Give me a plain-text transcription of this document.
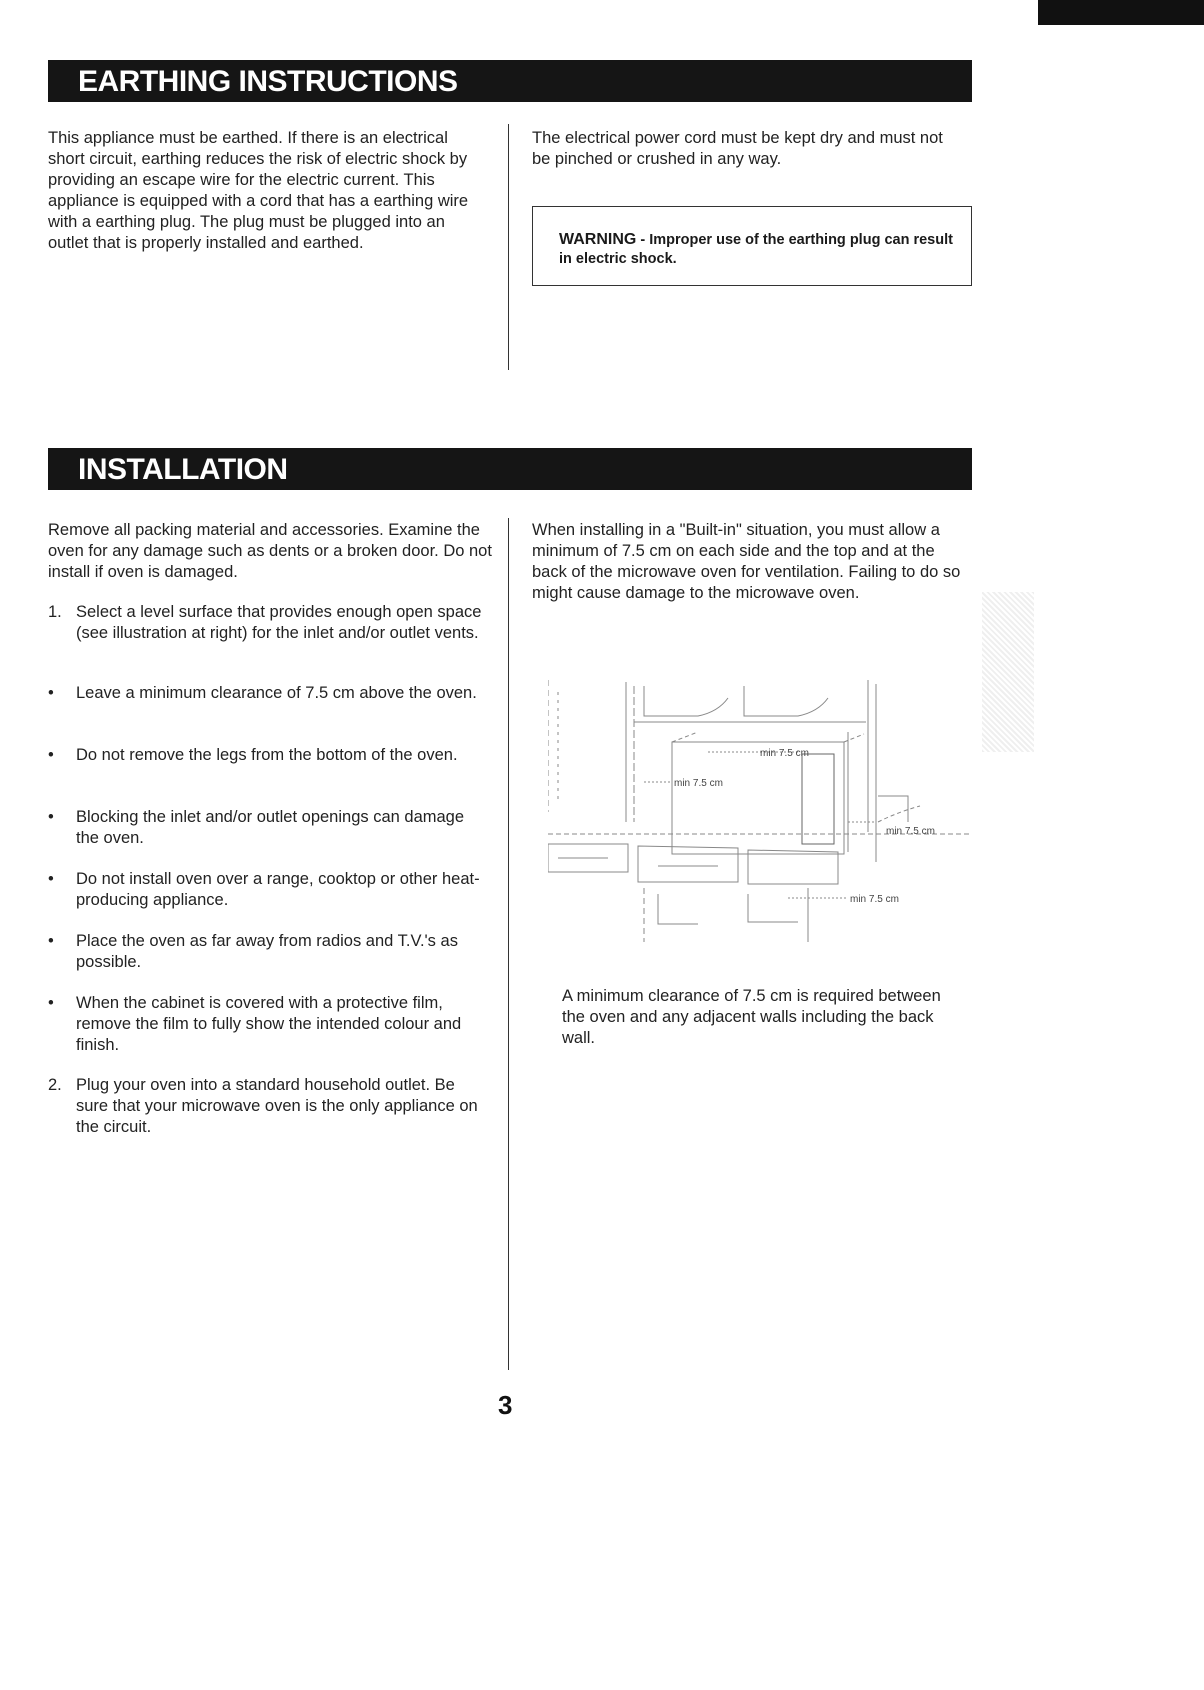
EARTHING INSTRUCTIONS

This appliance must be earthed. If there is an electrical short circuit, earthing reduces the risk of electric shock by providing an escape wire for the electric current. This appliance is equipped with a cord that has a earthing wire with a earthing plug. The plug must be plugged into an outlet that is properly installed and earthed.

The electrical power cord must be kept dry and must not be pinched or crushed in any way.

WARNING - Improper use of the earthing plug can result in electric shock.

INSTALLATION

Remove all packing material and accessories. Examine the oven for any damage such as dents or a broken door. Do not install if oven is damaged.

1. Select a level surface that provides enough open space (see illustration at right) for the inlet and/or outlet vents.
•	Leave a minimum clearance of 7.5 cm above the oven.
•	Do not remove the legs from the bottom of the oven.
•	Blocking the inlet and/or outlet openings can damage the oven.
•	Do not install oven over a range, cooktop or other heat-producing appliance.
•	Place the oven as far away from radios and T.V.'s as possible.
•	When the cabinet is covered with a protective film, remove the film to fully show the intended colour and finish.
2. Plug your oven into a standard household outlet. Be sure that your microwave oven is the only appliance on the circuit.

When installing in a "Built-in" situation, you must allow a minimum of 7.5 cm on each side and the top and at the back of the microwave oven for ventilation. Failing to do so might cause damage to the microwave oven.

min 7.5 cm
min 7.5 cm
min 7.5 cm
min 7.5 cm

A minimum clearance of 7.5 cm is required between the oven and any adjacent walls including the back wall.

3
